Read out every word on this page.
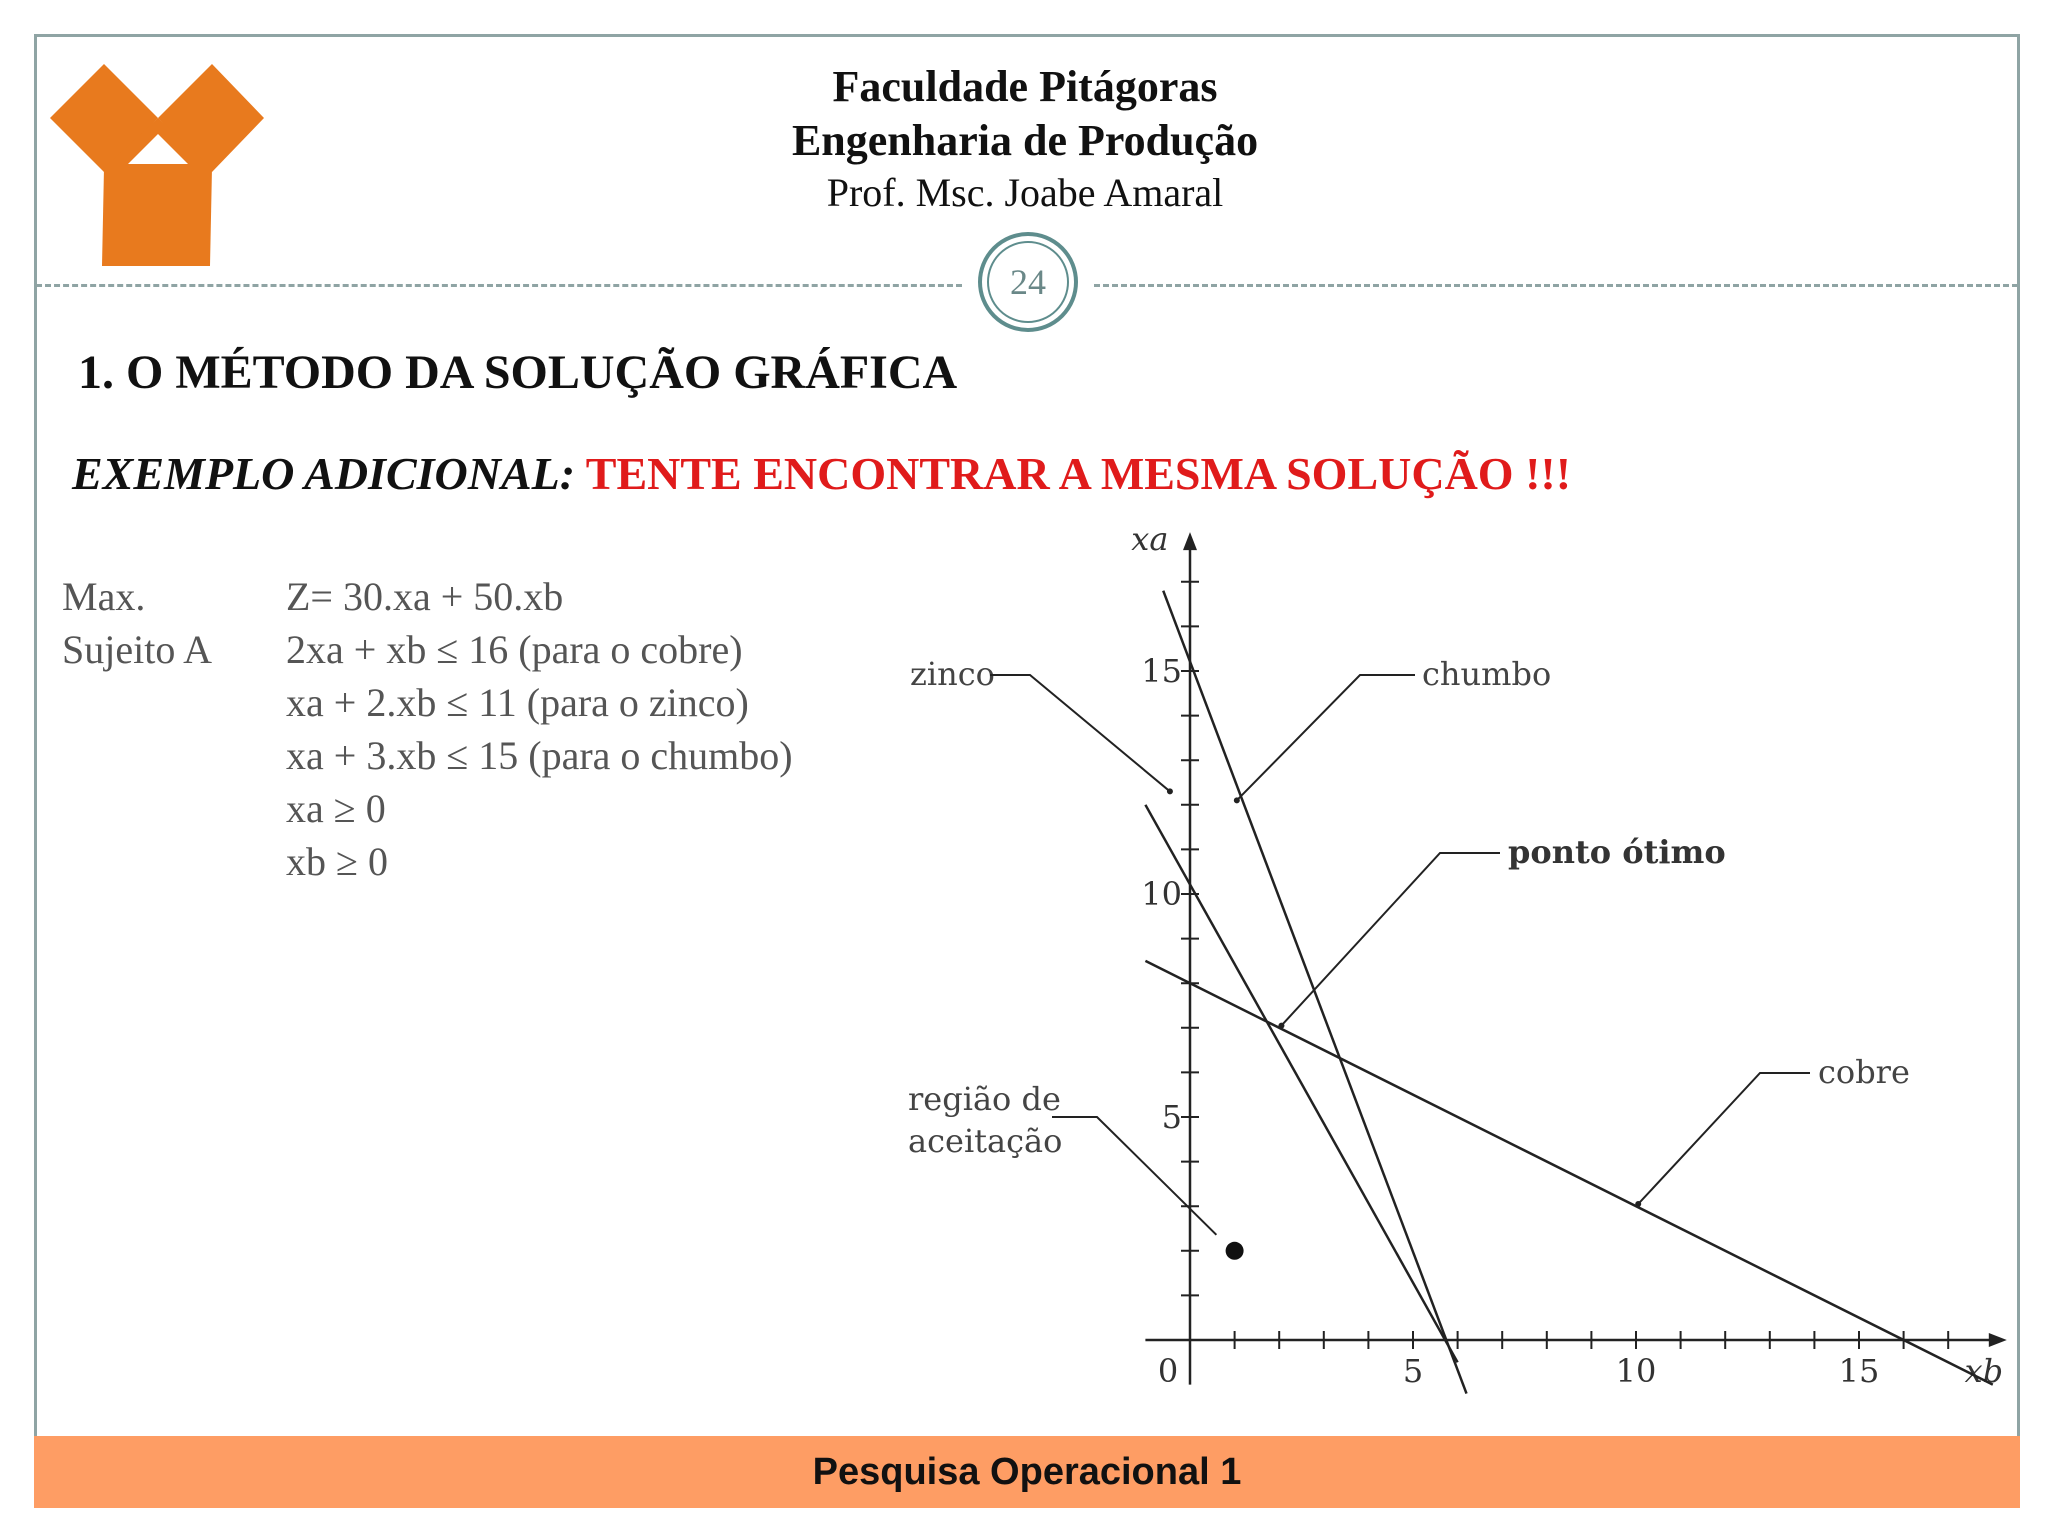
Faculdade Pitágoras
Engenharia de Produção
Prof. Msc. Joabe Amaral
24
1. O MÉTODO DA SOLUÇÃO GRÁFICA
EXEMPLO ADICIONAL: TENTE ENCONTRAR A MESMA SOLUÇÃO !!!
Max.	Z= 30.xa + 50.xb
Sujeito A	2xa + xb ≤ 16 (para o cobre)
xa + 2.xb ≤ 11 (para o zinco)
xa + 3.xb ≤ 15 (para o chumbo)
xa ≥ 0
xb ≥ 0
0	5	10	15
5
10
15
xb
xa
zinco	chumbo
ponto ótimo
cobre
região de
aceitação
Pesquisa Operacional 1
